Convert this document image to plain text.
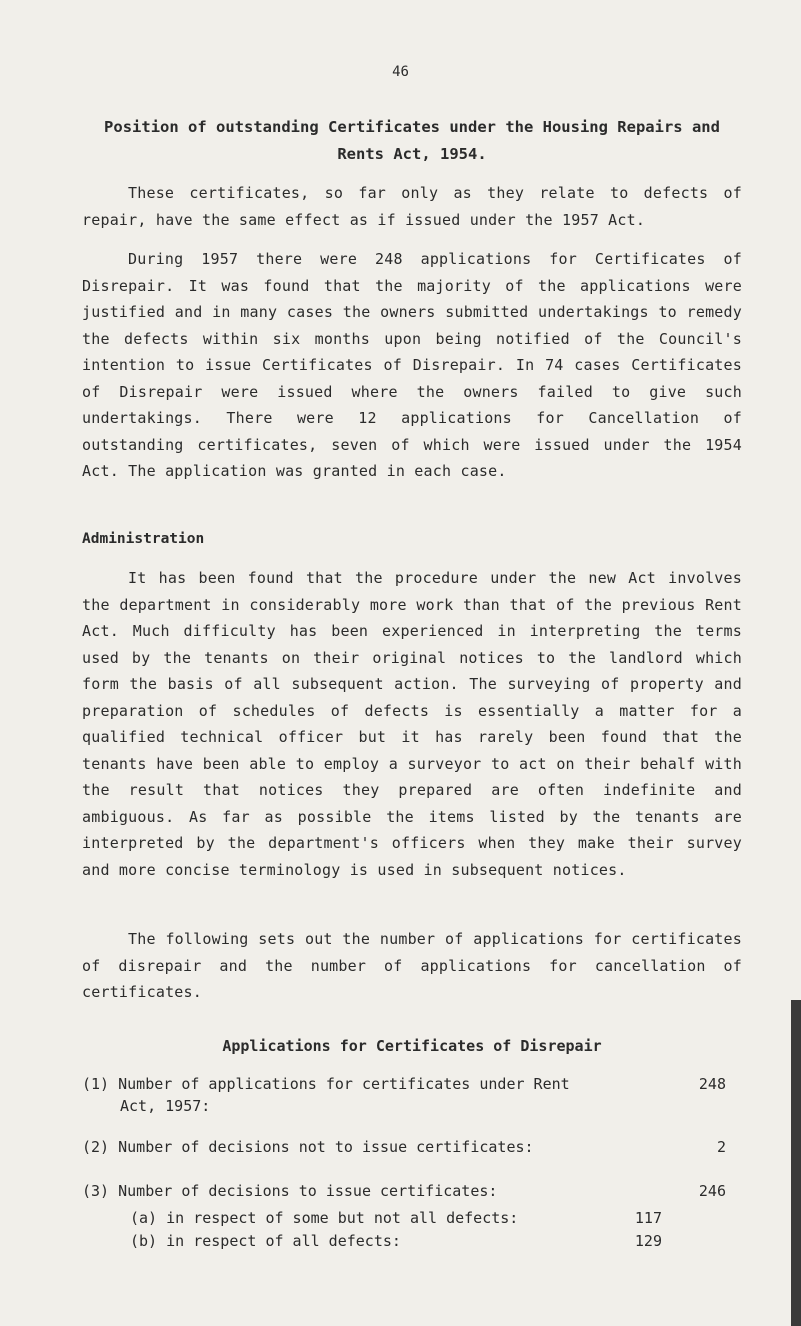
46
Position of outstanding Certificates under the Housing Repairs and Rents Act, 1954.

These certificates, so far only as they relate to defects of repair, have the same effect as if issued under the 1957 Act.

During 1957 there were 248 applications for Certificates of Disrepair. It was found that the majority of the applications were justified and in many cases the owners submitted undertakings to remedy the defects within six months upon being notified of the Council's intention to issue Certificates of Disrepair. In 74 cases Certificates of Disrepair were issued where the owners failed to give such undertakings. There were 12 applications for Cancellation of outstanding certificates, seven of which were issued under the 1954 Act. The application was granted in each case.

Administration

It has been found that the procedure under the new Act involves the department in considerably more work than that of the previous Rent Act. Much difficulty has been experienced in interpreting the terms used by the tenants on their original notices to the landlord which form the basis of all subsequent action. The surveying of property and preparation of schedules of defects is essentially a matter for a qualified technical officer but it has rarely been found that the tenants have been able to employ a surveyor to act on their behalf with the result that notices they prepared are often indefinite and ambiguous. As far as possible the items listed by the tenants are interpreted by the department's officers when they make their survey and more concise terminology is used in subsequent notices.

The following sets out the number of applications for certificates of disrepair and the number of applications for cancellation of certificates.

Applications for Certificates of Disrepair
(1) Number of applications for certificates under Rent	248
Act, 1957:
(2) Number of decisions not to issue certificates:	2
(3) Number of decisions to issue certificates:	246
(a) in respect of some but not all defects:	117
(b) in respect of all defects:	129
